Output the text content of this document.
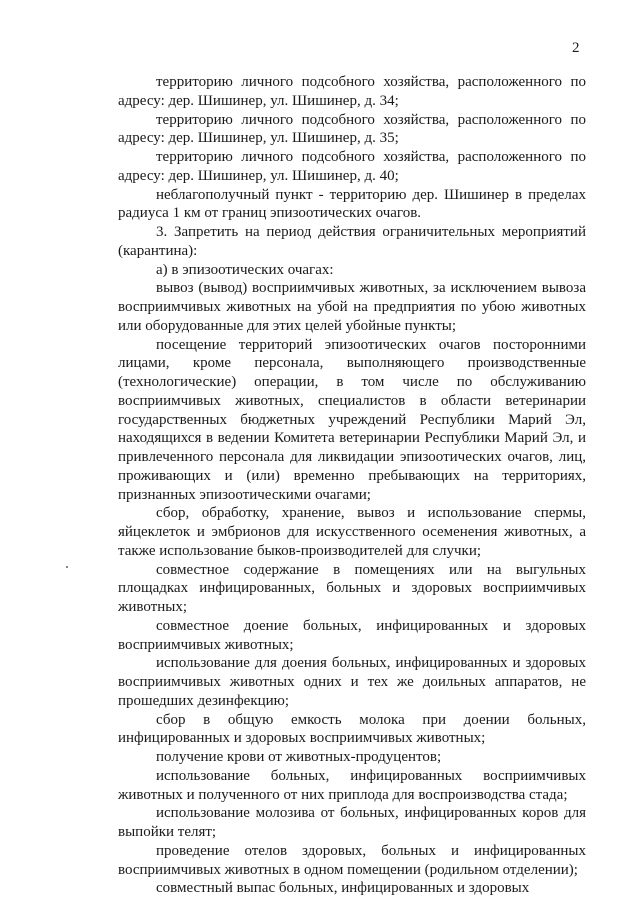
2

территорию личного подсобного хозяйства, расположенного по адресу: дер. Шишинер, ул. Шишинер, д. 34;

территорию личного подсобного хозяйства, расположенного по адресу: дер. Шишинер, ул. Шишинер, д. 35;

территорию личного подсобного хозяйства, расположенного по адресу: дер. Шишинер, ул. Шишинер, д. 40;

неблагополучный пункт - территорию дер. Шишинер в пределах радиуса 1 км от границ эпизоотических очагов.

3. Запретить на период действия ограничительных мероприятий (карантина):

а) в эпизоотических очагах:

вывоз (вывод) восприимчивых животных, за исключением вывоза восприимчивых животных на убой на предприятия по убою животных или оборудованные для этих целей убойные пункты;

посещение территорий эпизоотических очагов посторонними лицами, кроме персонала, выполняющего производственные (технологические) операции, в том числе по обслуживанию восприимчивых животных, специалистов в области ветеринарии государственных бюджетных учреждений Республики Марий Эл, находящихся в ведении Комитета ветеринарии Республики Марий Эл, и привлеченного персонала для ликвидации эпизоотических очагов, лиц, проживающих и (или) временно пребывающих на территориях, признанных эпизоотическими очагами;

сбор, обработку, хранение, вывоз и использование спермы, яйцеклеток и эмбрионов для искусственного осеменения животных, а также использование быков-производителей для случки;

совместное содержание в помещениях или на выгульных площадках инфицированных, больных и здоровых восприимчивых животных;

совместное доение больных, инфицированных и здоровых восприимчивых животных;

использование для доения больных, инфицированных и здоровых восприимчивых животных одних и тех же доильных аппаратов, не прошедших дезинфекцию;

сбор в общую емкость молока при доении больных, инфицированных и здоровых восприимчивых животных;

получение крови от животных-продуцентов;

использование больных, инфицированных восприимчивых животных и полученного от них приплода для воспроизводства стада;

использование молозива от больных, инфицированных коров для выпойки телят;

проведение отелов здоровых, больных и инфицированных восприимчивых животных в одном помещении (родильном отделении);

совместный выпас больных, инфицированных и здоровых
